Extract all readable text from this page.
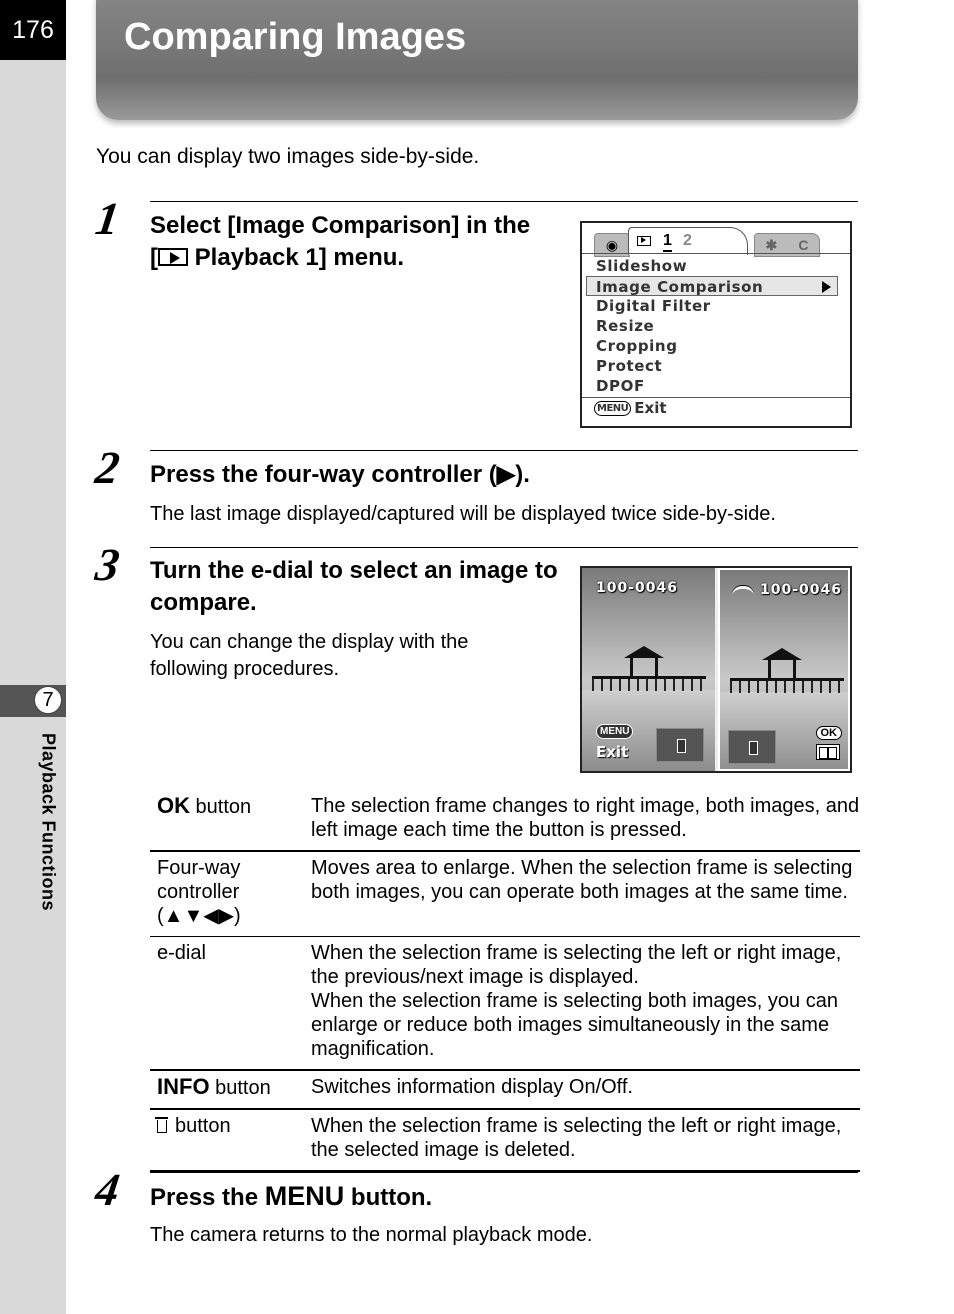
176
7
Playback Functions
Comparing Images
You can display two images side-by-side.
1 Select [Image Comparison] in the
[ Playback 1] menu.	◉	1 2	✱ C
Slideshow
Image Comparison
Digital Filter
Resize
Cropping
Protect
DPOF
MENU Exit
2 Press the four-way controller (▶).
The last image displayed/captured will be displayed twice side-by-side.
3 Turn the e-dial to select an image to compare.
You can change the display with the following procedures.
100-0046
MENU
Exit
100-0046
OK
OK button	The selection frame changes to right image, both images, and left image each time the button is pressed.
Four-way
controller
(▲▼◀▶)	Moves area to enlarge. When the selection frame is selecting both images, you can operate both images at the same time.
e-dial	When the selection frame is selecting the left or right image, the previous/next image is displayed.
When the selection frame is selecting both images, you can enlarge or reduce both images simultaneously in the same magnification.
INFO button	Switches information display On/Off.
button	When the selection frame is selecting the left or right image, the selected image is deleted.
4 Press the MENU button.
The camera returns to the normal playback mode.
